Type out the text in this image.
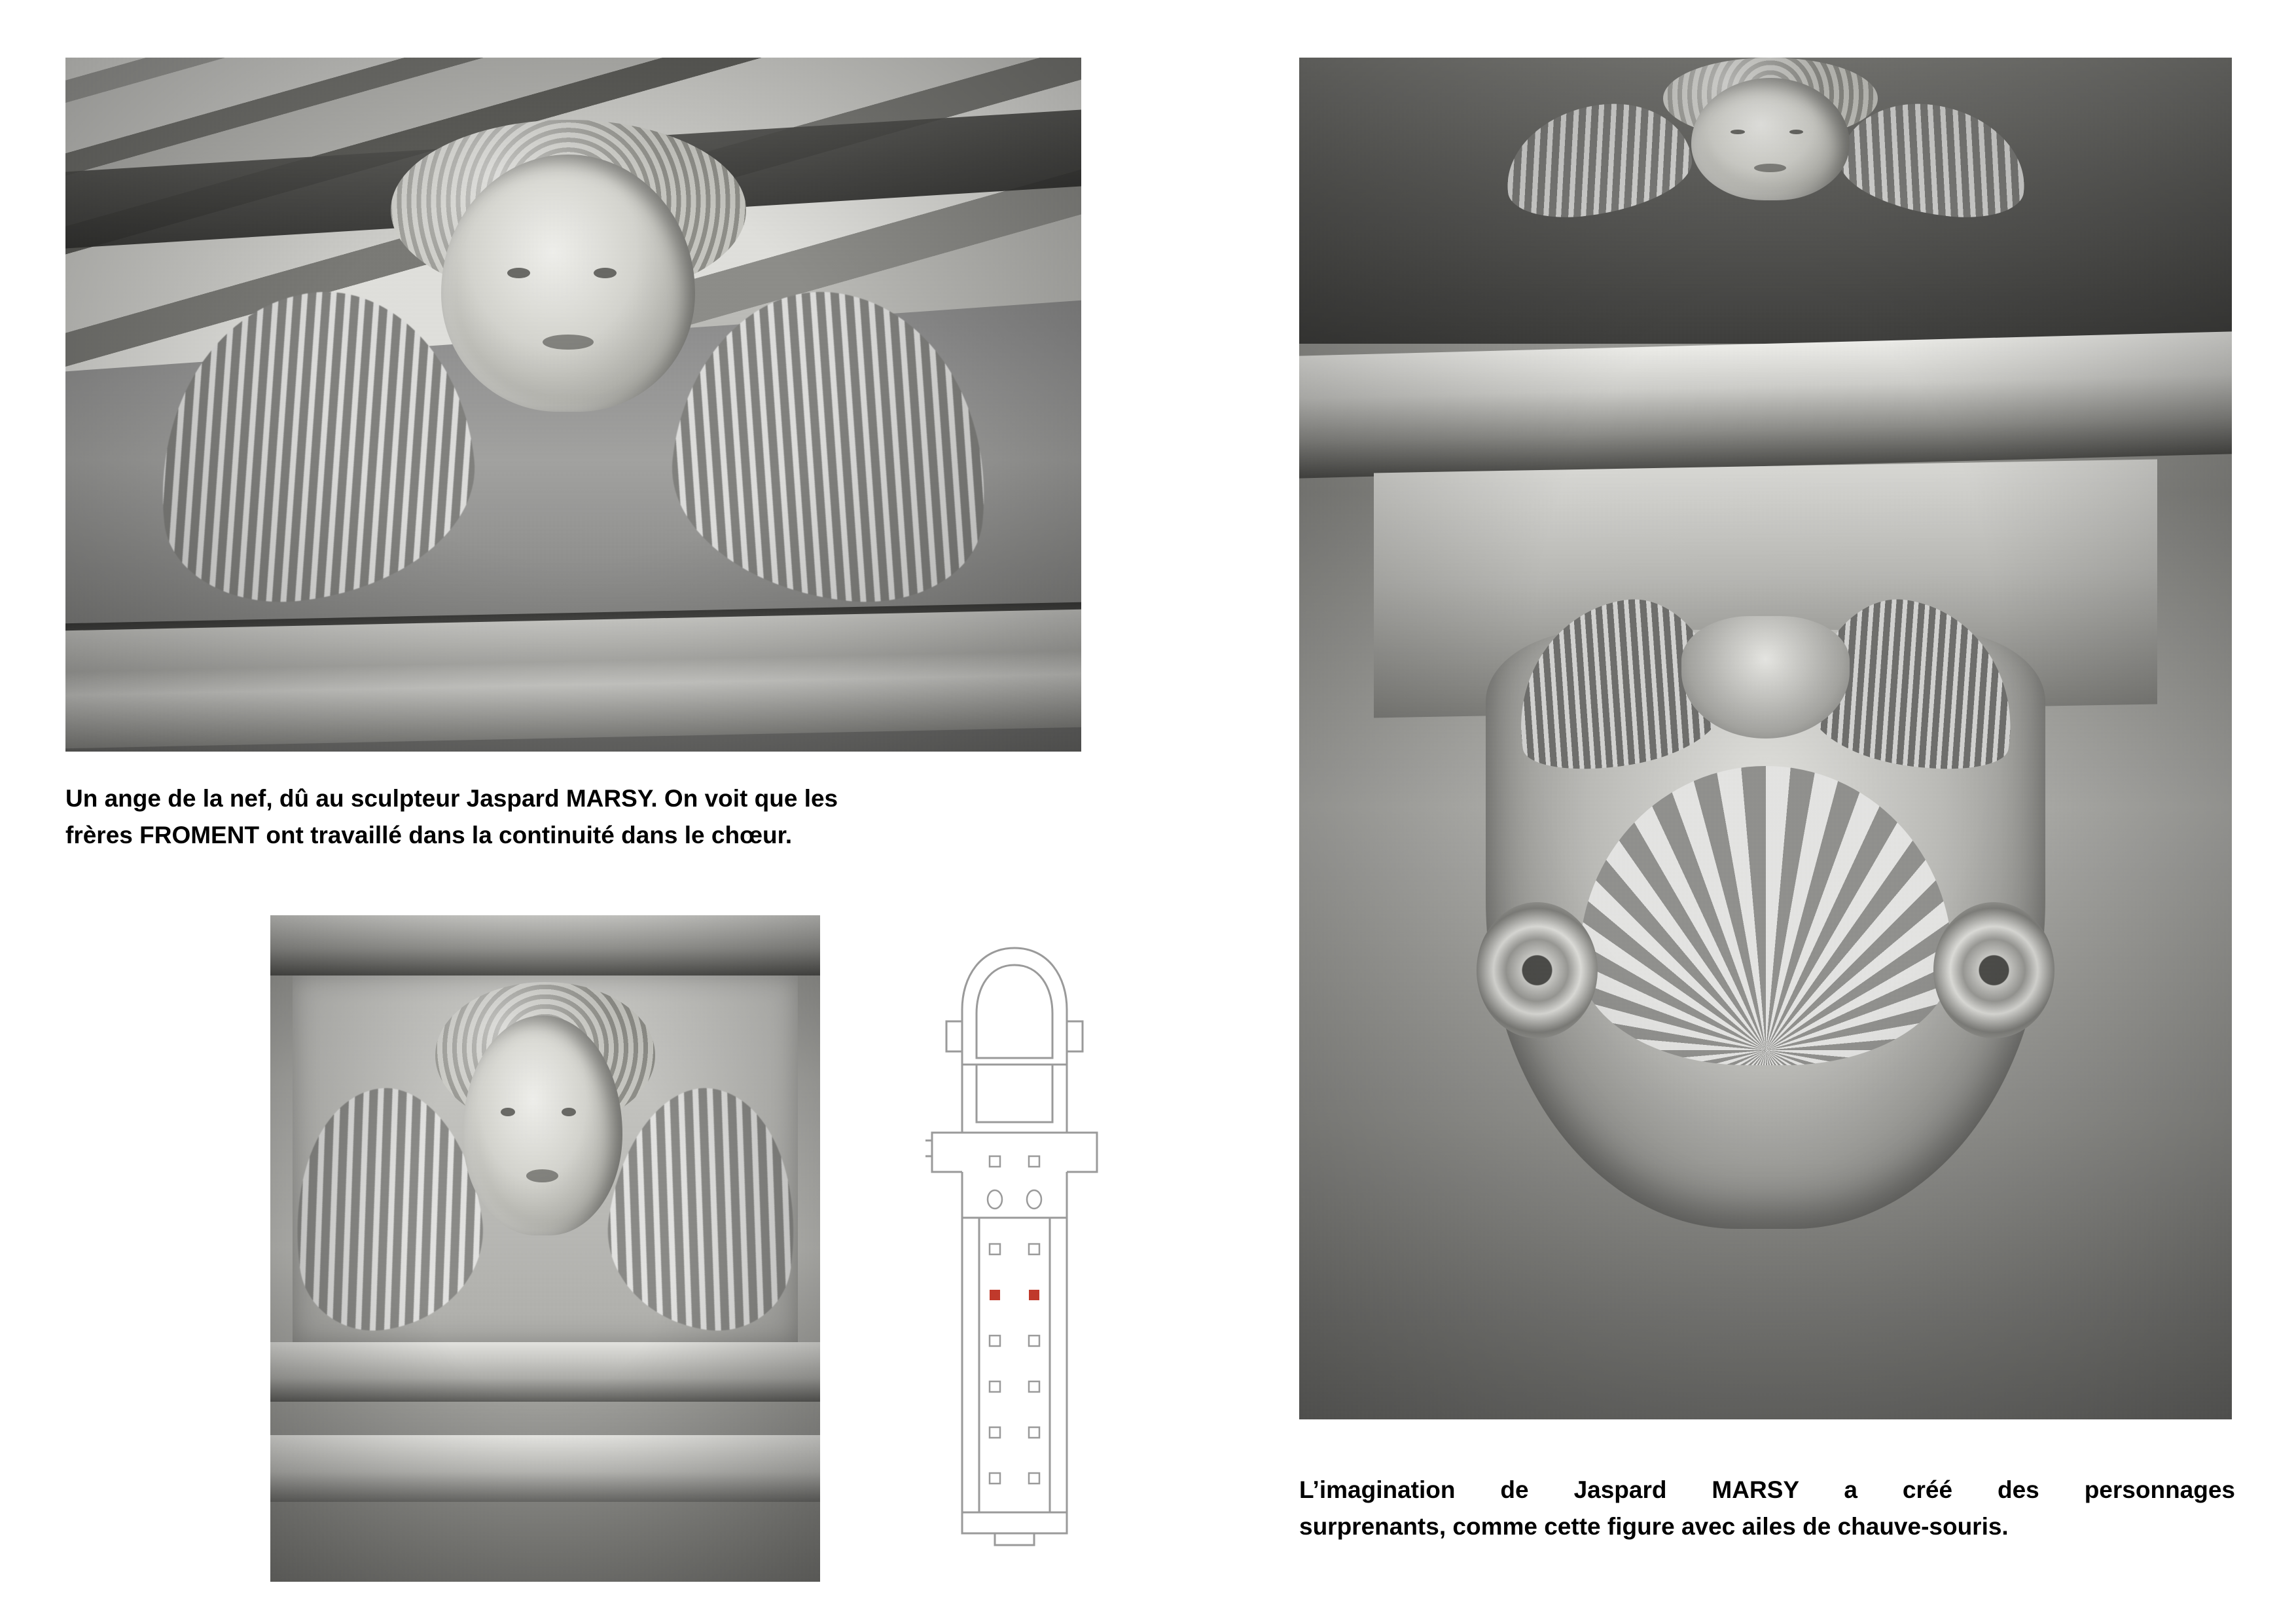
Un ange de la nef, dû au sculpteur Jaspard MARSY. On voit que les

frères FROMENT ont travaillé dans la continuité dans le chœur.

L’imagination de Jaspard MARSY a créé des personnages

surprenants, comme cette figure avec ailes de chauve-souris.
